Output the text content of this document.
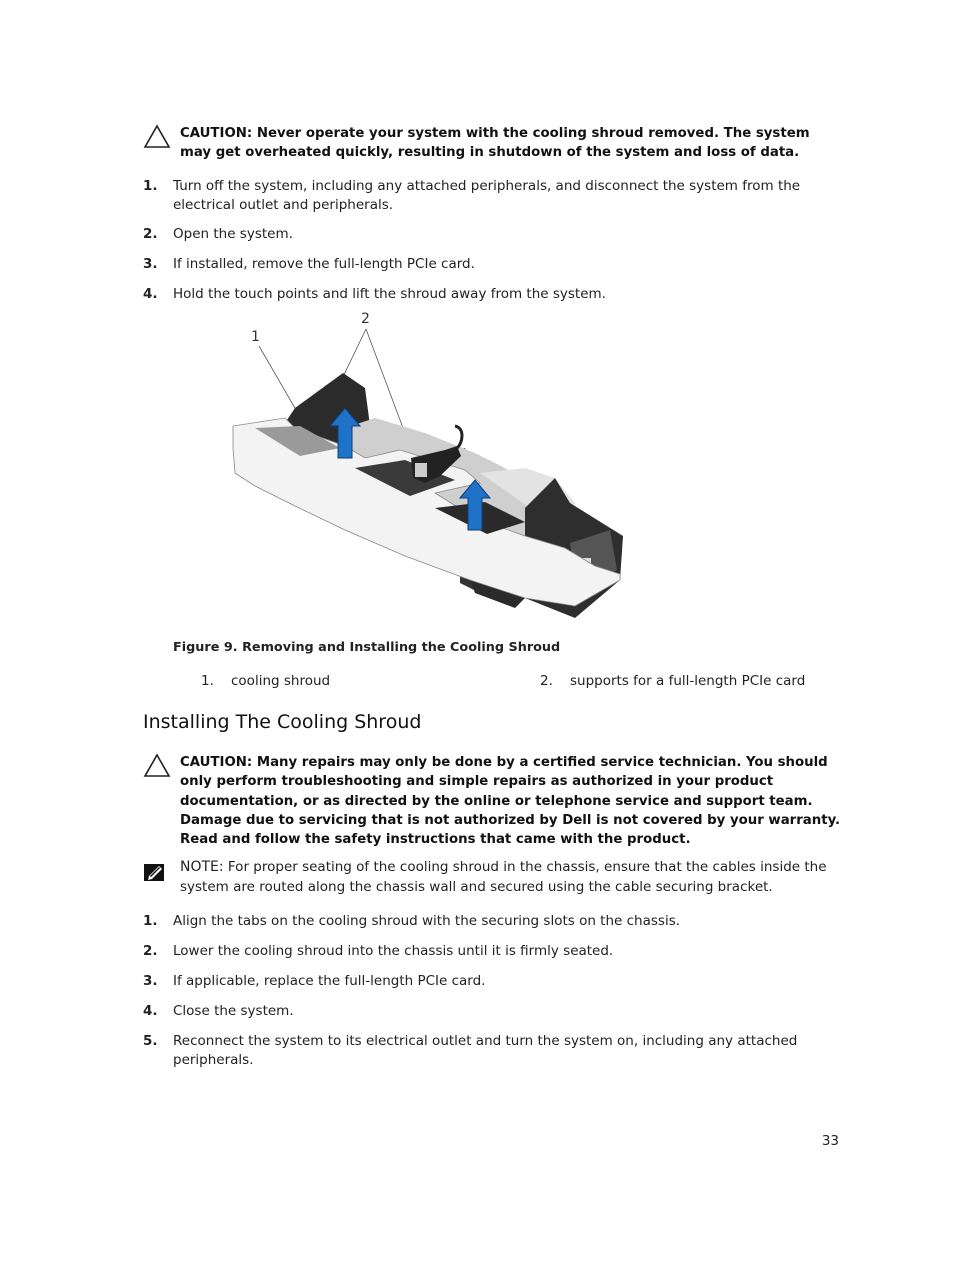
CAUTION: Never operate your system with the cooling shroud removed. The system may get overheated quickly, resulting in shutdown of the system and loss of data.
1. Turn off the system, including any attached peripherals, and disconnect the system from the electrical outlet and peripherals.
2. Open the system.
3. If installed, remove the full-length PCIe card.
4. Hold the touch points and lift the shroud away from the system.
1
2
Figure 9. Removing and Installing the Cooling Shroud
1. cooling shroud	2. supports for a full-length PCIe card
Installing The Cooling Shroud
CAUTION: Many repairs may only be done by a certified service technician. You should only perform troubleshooting and simple repairs as authorized in your product documentation, or as directed by the online or telephone service and support team. Damage due to servicing that is not authorized by Dell is not covered by your warranty. Read and follow the safety instructions that came with the product.
NOTE: For proper seating of the cooling shroud in the chassis, ensure that the cables inside the system are routed along the chassis wall and secured using the cable securing bracket.
1. Align the tabs on the cooling shroud with the securing slots on the chassis.
2. Lower the cooling shroud into the chassis until it is firmly seated.
3. If applicable, replace the full-length PCIe card.
4. Close the system.
5. Reconnect the system to its electrical outlet and turn the system on, including any attached peripherals.
33
